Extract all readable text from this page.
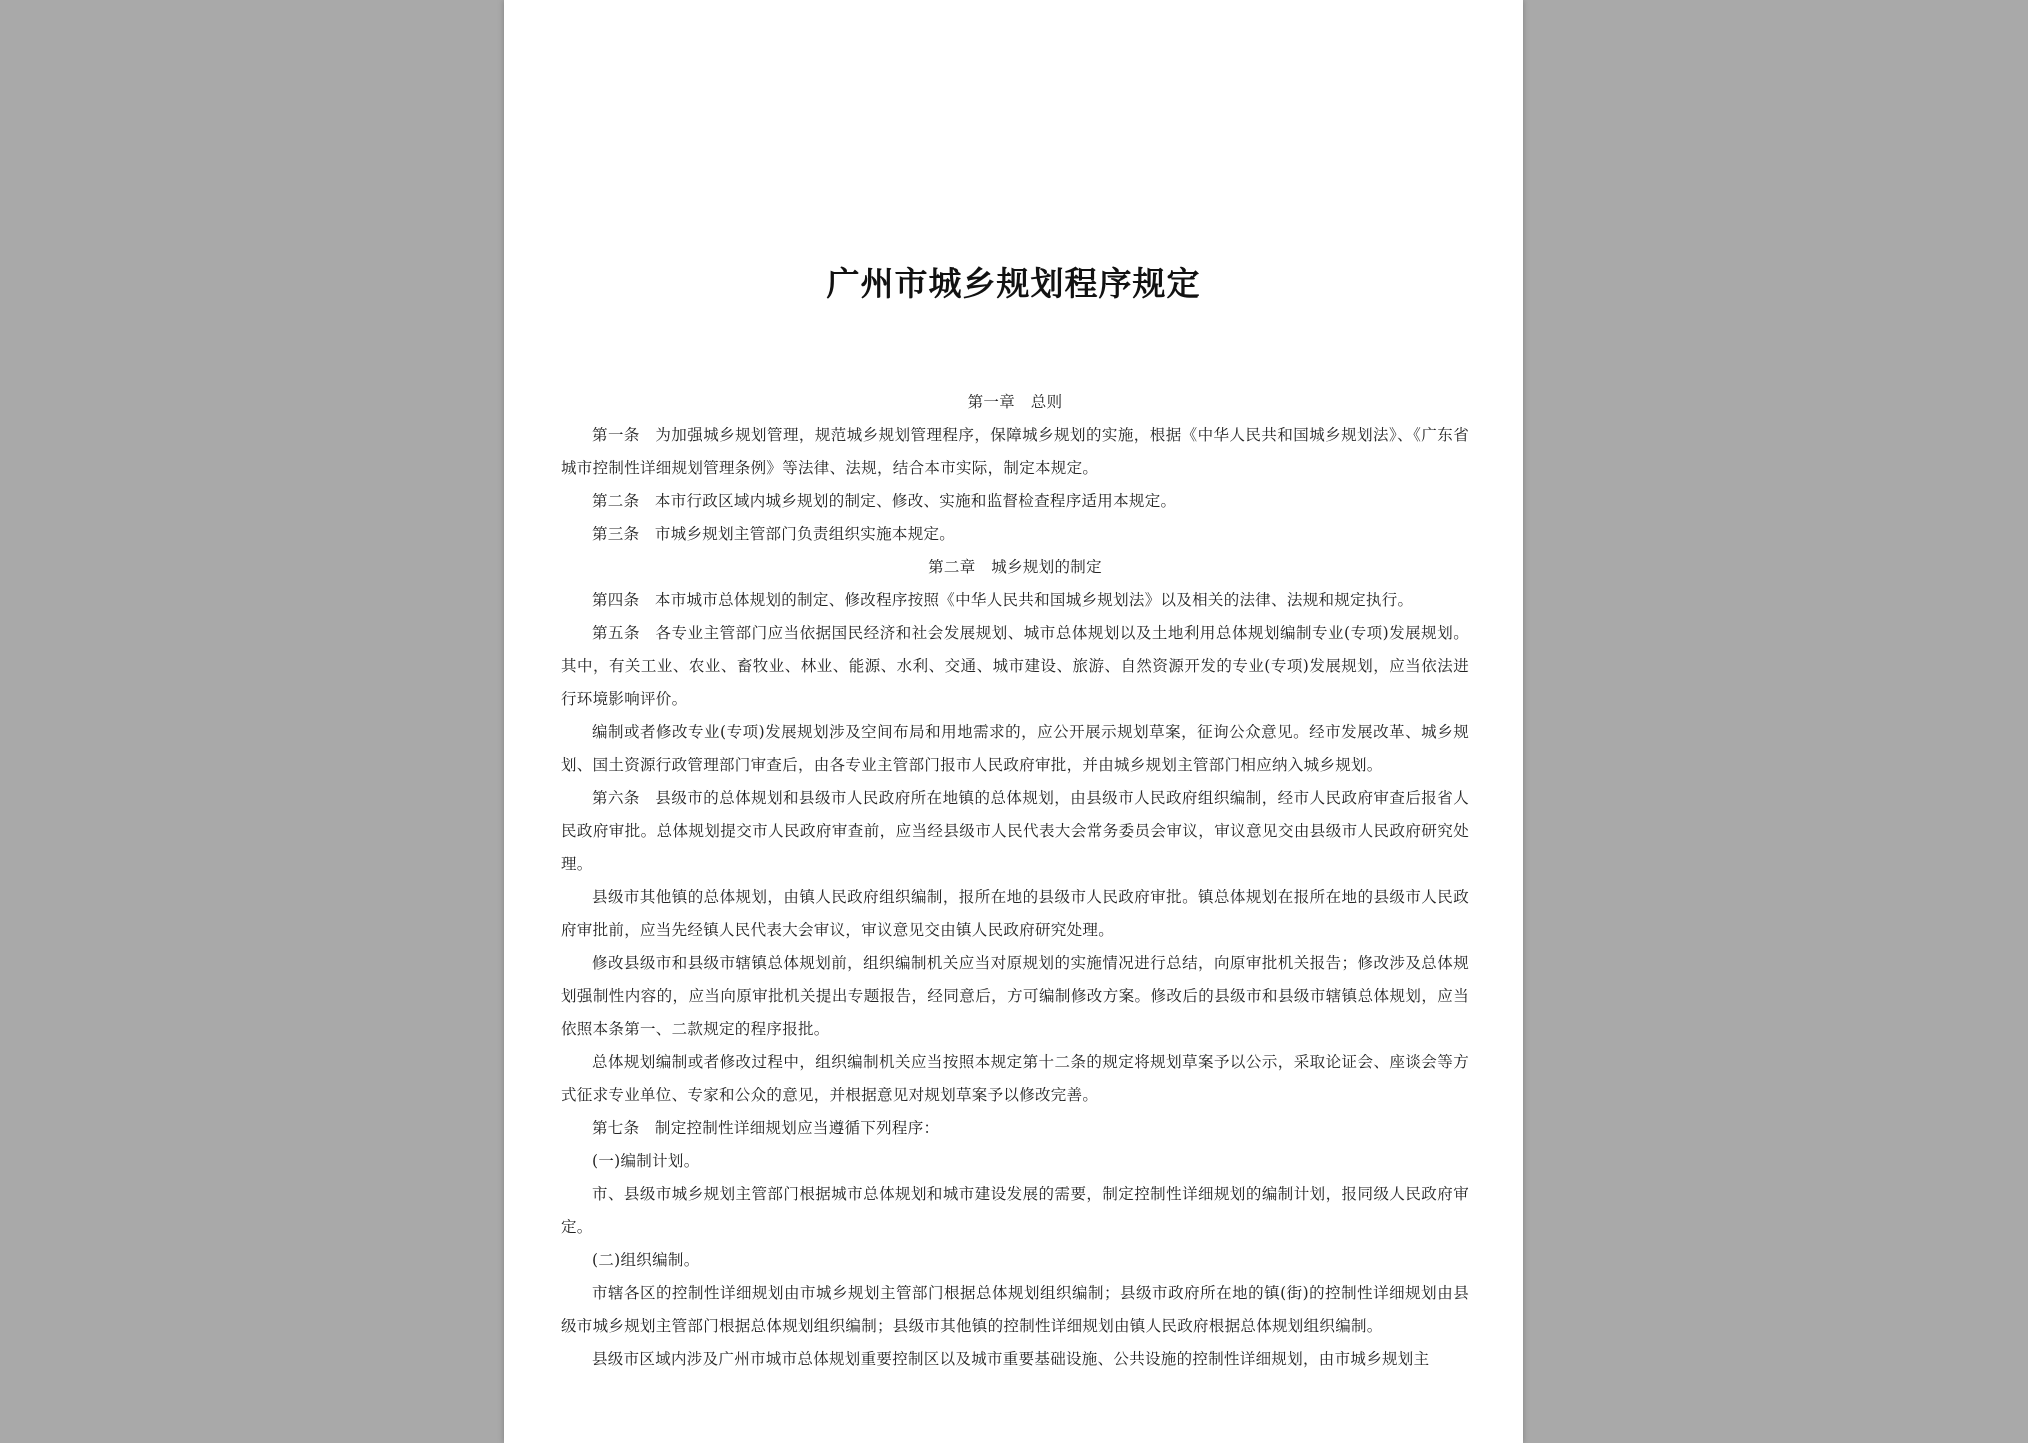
广州市城乡规划程序规定

第一章　总则

第一条 为加强城乡规划管理，规范城乡规划管理程序，保障城乡规划的实施，根据《中华人民共和国城乡规划法》、《广东省城市控制性详细规划管理条例》等法律、法规，结合本市实际，制定本规定。

第二条 本市行政区域内城乡规划的制定、修改、实施和监督检查程序适用本规定。

第三条 市城乡规划主管部门负责组织实施本规定。

第二章　城乡规划的制定

第四条 本市城市总体规划的制定、修改程序按照《中华人民共和国城乡规划法》以及相关的法律、法规和规定执行。

第五条 各专业主管部门应当依据国民经济和社会发展规划、城市总体规划以及土地利用总体规划编制专业(专项)发展规划。其中，有关工业、农业、畜牧业、林业、能源、水利、交通、城市建设、旅游、自然资源开发的专业(专项)发展规划，应当依法进行环境影响评价。

编制或者修改专业(专项)发展规划涉及空间布局和用地需求的，应公开展示规划草案，征询公众意见。经市发展改革、城乡规划、国土资源行政管理部门审查后，由各专业主管部门报市人民政府审批，并由城乡规划主管部门相应纳入城乡规划。

第六条 县级市的总体规划和县级市人民政府所在地镇的总体规划，由县级市人民政府组织编制，经市人民政府审查后报省人民政府审批。总体规划提交市人民政府审查前，应当经县级市人民代表大会常务委员会审议，审议意见交由县级市人民政府研究处理。

县级市其他镇的总体规划，由镇人民政府组织编制，报所在地的县级市人民政府审批。镇总体规划在报所在地的县级市人民政府审批前，应当先经镇人民代表大会审议，审议意见交由镇人民政府研究处理。

修改县级市和县级市辖镇总体规划前，组织编制机关应当对原规划的实施情况进行总结，向原审批机关报告；修改涉及总体规划强制性内容的，应当向原审批机关提出专题报告，经同意后，方可编制修改方案。修改后的县级市和县级市辖镇总体规划，应当依照本条第一、二款规定的程序报批。

总体规划编制或者修改过程中，组织编制机关应当按照本规定第十二条的规定将规划草案予以公示，采取论证会、座谈会等方式征求专业单位、专家和公众的意见，并根据意见对规划草案予以修改完善。

第七条 制定控制性详细规划应当遵循下列程序：

(一)编制计划。

市、县级市城乡规划主管部门根据城市总体规划和城市建设发展的需要，制定控制性详细规划的编制计划，报同级人民政府审定。

(二)组织编制。

市辖各区的控制性详细规划由市城乡规划主管部门根据总体规划组织编制；县级市政府所在地的镇(街)的控制性详细规划由县级市城乡规划主管部门根据总体规划组织编制；县级市其他镇的控制性详细规划由镇人民政府根据总体规划组织编制。

县级市区域内涉及广州市城市总体规划重要控制区以及城市重要基础设施、公共设施的控制性详细规划，由市城乡规划主
